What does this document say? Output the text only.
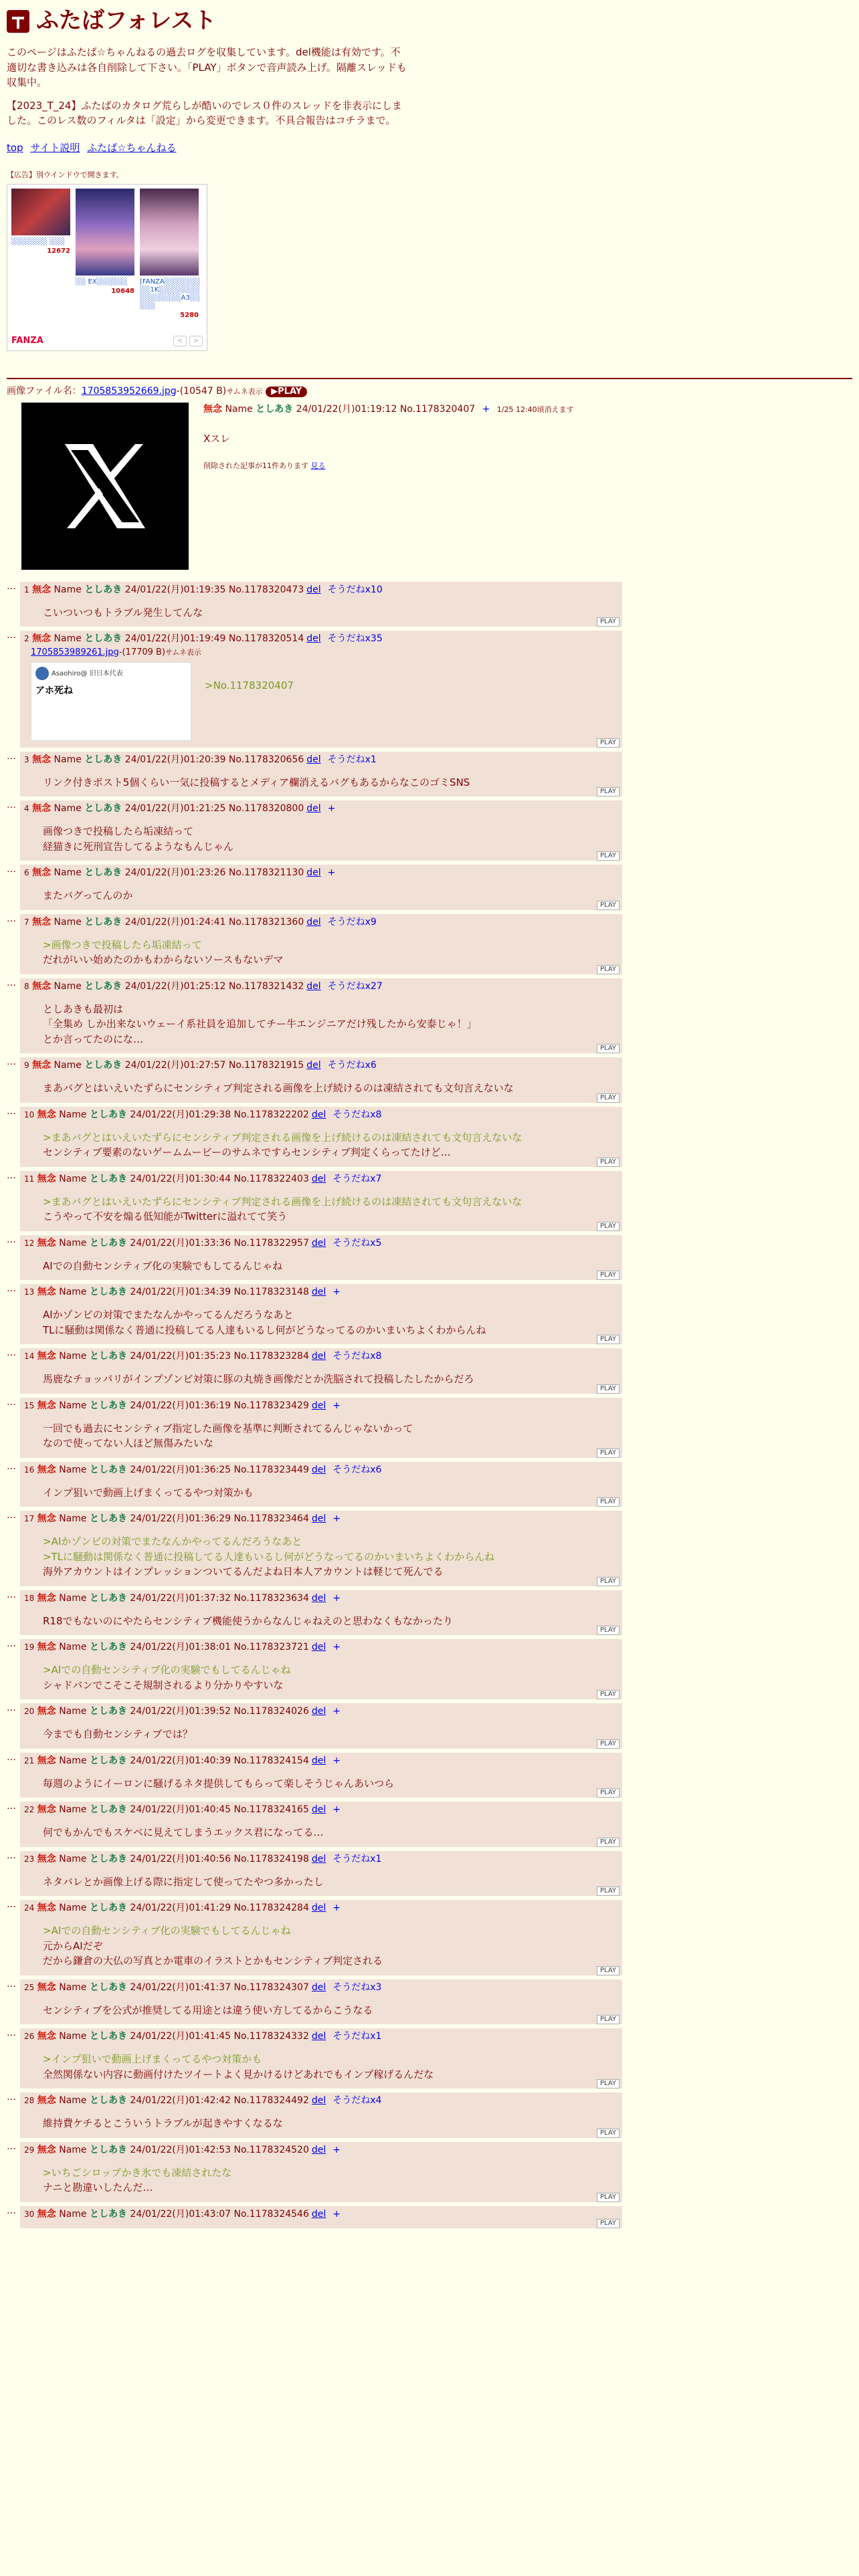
ふたばフォレスト

このページはふたば☆ちゃんねるの過去ログを収集しています。del機能は有効です。不適切な書き込みは各自削除して下さい。「PLAY」ボタンで音声読み上げ。隔離スレッドも収集中。

【2023_T_24】ふたばのカタログ荒らしが酷いのでレス０件のスレッドを非表示にしました。このレス数のフィルタは「設定」から変更できます。不具合報告はコチラまで。

top サイト説明 ふたば☆ちゃんねる
【広告】別ウインドウで開きます。
░░░░░░░ ░░░
12672
░░ EX░░░░░░
10648
[FANZA░░░░░░░ ░░1K░░░░░░░░ ░░░░░░░░A3░░ ░░░
5280
FANZA	<	>
画像ファイル名：1705853952669.jpg-(10547 B)サムネ表示 ▶PLAY
無念 Name としあき 24/01/22(月)01:19:12 No.1178320407 + 1/25 12:40頃消えます
Xスレ
削除された記事が11件あります 見る
…	1 無念 Name としあき 24/01/22(月)01:19:35 No.1178320473 del そうだねx10
こいついつもトラブル発生してんな
PLAY
…	2 無念 Name としあき 24/01/22(月)01:19:49 No.1178320514 del そうだねx35
1705853989261.jpg-(17709 B)サムネ表示
Asaohiro@ 旧日本代表
アホ死ね	>No.1178320407
PLAY
…	3 無念 Name としあき 24/01/22(月)01:20:39 No.1178320656 del そうだねx1
リンク付きポスト5個くらい一気に投稿するとメディア欄消えるバグもあるからなこのゴミSNS
PLAY
…	4 無念 Name としあき 24/01/22(月)01:21:25 No.1178320800 del +
画像つきで投稿したら垢凍結って
経猫きに死刑宣告してるようなもんじゃん
PLAY
…	6 無念 Name としあき 24/01/22(月)01:23:26 No.1178321130 del +
またバグってんのか
PLAY
…	7 無念 Name としあき 24/01/22(月)01:24:41 No.1178321360 del そうだねx9
>画像つきで投稿したら垢凍結って
だれがいい始めたのかもわからないソースもないデマ
PLAY
…	8 無念 Name としあき 24/01/22(月)01:25:12 No.1178321432 del そうだねx27
としあきも最初は
「全集め しか出来ないウェーイ系社員を追加してチー牛エンジニアだけ残したから安泰じゃ！」
とか言ってたのにな…
PLAY
…	9 無念 Name としあき 24/01/22(月)01:27:57 No.1178321915 del そうだねx6
まあバグとはいえいたずらにセンシティブ判定される画像を上げ続けるのは凍結されても文句言えないな
PLAY
…	10 無念 Name としあき 24/01/22(月)01:29:38 No.1178322202 del そうだねx8
>まあバグとはいえいたずらにセンシティブ判定される画像を上げ続けるのは凍結されても文句言えないな
センシティブ要素のないゲームムービーのサムネですらセンシティブ判定くらってたけど…
PLAY
…	11 無念 Name としあき 24/01/22(月)01:30:44 No.1178322403 del そうだねx7
>まあバグとはいえいたずらにセンシティブ判定される画像を上げ続けるのは凍結されても文句言えないな
こうやって不安を煽る低知能がTwitterに溢れてて笑う
PLAY
…	12 無念 Name としあき 24/01/22(月)01:33:36 No.1178322957 del そうだねx5
AIでの自動センシティブ化の実験でもしてるんじゃね
PLAY
…	13 無念 Name としあき 24/01/22(月)01:34:39 No.1178323148 del +
AIかゾンビの対策でまたなんかやってるんだろうなあと
TLに騒動は関係なく普通に投稿してる人達もいるし何がどうなってるのかいまいちよくわからんね
PLAY
…	14 無念 Name としあき 24/01/22(月)01:35:23 No.1178323284 del そうだねx8
馬鹿なチョッパリがインプゾンビ対策に豚の丸焼き画像だとか洗脳されて投稿したしたからだろ
PLAY
…	15 無念 Name としあき 24/01/22(月)01:36:19 No.1178323429 del +
一回でも過去にセンシティブ指定した画像を基準に判断されてるんじゃないかって
なので使ってない人ほど無傷みたいな
PLAY
…	16 無念 Name としあき 24/01/22(月)01:36:25 No.1178323449 del そうだねx6
インプ狙いで動画上げまくってるやつ対策かも
PLAY
…	17 無念 Name としあき 24/01/22(月)01:36:29 No.1178323464 del +
>AIかゾンビの対策でまたなんかやってるんだろうなあと
>TLに騒動は関係なく普通に投稿してる人達もいるし何がどうなってるのかいまいちよくわからんね
海外アカウントはインプレッションついてるんだよね日本人アカウントは軽じて死んでる
PLAY
…	18 無念 Name としあき 24/01/22(月)01:37:32 No.1178323634 del +
R18でもないのにやたらセンシティブ機能使うからなんじゃねえのと思わなくもなかったり
PLAY
…	19 無念 Name としあき 24/01/22(月)01:38:01 No.1178323721 del +
>AIでの自動センシティブ化の実験でもしてるんじゃね
シャドバンでこそこそ規制されるより分かりやすいな
PLAY
…	20 無念 Name としあき 24/01/22(月)01:39:52 No.1178324026 del +
今までも自動センシティブでは？
PLAY
…	21 無念 Name としあき 24/01/22(月)01:40:39 No.1178324154 del +
毎週のようにイーロンに騒げるネタ提供してもらって楽しそうじゃんあいつら
PLAY
…	22 無念 Name としあき 24/01/22(月)01:40:45 No.1178324165 del +
何でもかんでもスケベに見えてしまうエックス君になってる…
PLAY
…	23 無念 Name としあき 24/01/22(月)01:40:56 No.1178324198 del そうだねx1
ネタバレとか画像上げる際に指定して使ってたやつ多かったし
PLAY
…	24 無念 Name としあき 24/01/22(月)01:41:29 No.1178324284 del +
>AIでの自動センシティブ化の実験でもしてるんじゃね
元からAIだぞ
だから鎌倉の大仏の写真とか電車のイラストとかもセンシティブ判定される
PLAY
…	25 無念 Name としあき 24/01/22(月)01:41:37 No.1178324307 del そうだねx3
センシティブを公式が推奨してる用途とは違う使い方してるからこうなる
PLAY
…	26 無念 Name としあき 24/01/22(月)01:41:45 No.1178324332 del そうだねx1
>インプ狙いで動画上げまくってるやつ対策かも
全然関係ない内容に動画付けたツイートよく見かけるけどあれでもインプ稼げるんだな
PLAY
…	28 無念 Name としあき 24/01/22(月)01:42:42 No.1178324492 del そうだねx4
維持費ケチるとこういうトラブルが起きやすくなるな
PLAY
…	29 無念 Name としあき 24/01/22(月)01:42:53 No.1178324520 del +
>いちごシロップかき氷でも凍結されたな
ナニと勘違いしたんだ…
PLAY
…	30 無念 Name としあき 24/01/22(月)01:43:07 No.1178324546 del +
PLAY
